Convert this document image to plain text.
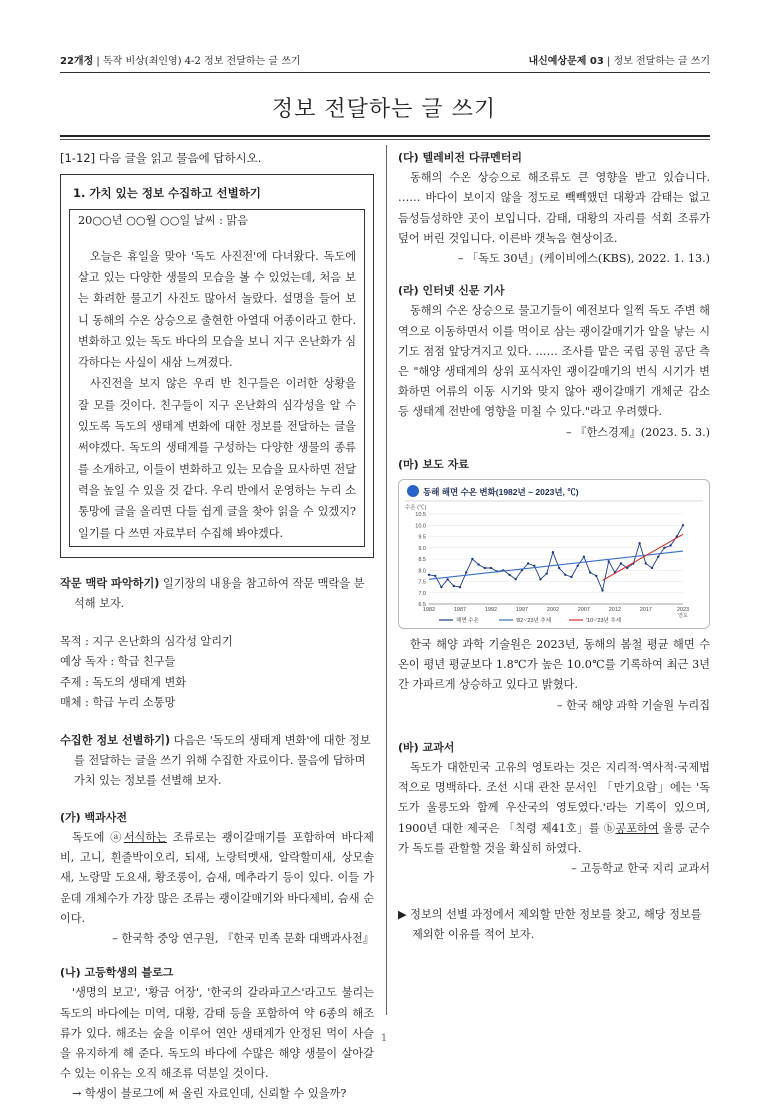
22개정 | 독작 비상(최인영) 4-2 정보 전달하는 글 쓰기	내신예상문제 03 | 정보 전달하는 글 쓰기
정보 전달하는 글 쓰기

[1-12] 다음 글을 읽고 물음에 답하시오.

1. 가치 있는 정보 수집하고 선별하기

20○○년 ○○월 ○○일 날씨 : 맑음

오늘은 휴일을 맞아 '독도 사진전'에 다녀왔다. 독도에 살고 있는 다양한 생물의 모습을 볼 수 있었는데, 처음 보는 화려한 물고기 사진도 많아서 놀랐다. 설명을 들어 보니 동해의 수온 상승으로 출현한 아열대 어종이라고 한다. 변화하고 있는 독도 바다의 모습을 보니 지구 온난화가 심각하다는 사실이 새삼 느껴졌다.

사진전을 보지 않은 우리 반 친구들은 이러한 상황을 잘 모를 것이다. 친구들이 지구 온난화의 심각성을 알 수 있도록 독도의 생태계 변화에 대한 정보를 전달하는 글을 써야겠다. 독도의 생태계를 구성하는 다양한 생물의 종류를 소개하고, 이들이 변화하고 있는 모습을 묘사하면 전달력을 높일 수 있을 것 같다. 우리 반에서 운영하는 누리 소통망에 글을 올리면 다들 쉽게 글을 찾아 읽을 수 있겠지? 일기를 다 쓰면 자료부터 수집해 봐야겠다.

작문 맥락 파악하기) 일기장의 내용을 참고하여 작문 맥락을 분석해 보자.

목적 : 지구 온난화의 심각성 알리기

예상 독자 : 학급 친구들

주제 : 독도의 생태계 변화

매체 : 학급 누리 소통망

수집한 정보 선별하기) 다음은 '독도의 생태계 변화'에 대한 정보를 전달하는 글을 쓰기 위해 수집한 자료이다. 물음에 답하며 가치 있는 정보를 선별해 보자.

(가) 백과사전

독도에 ⓐ서식하는 조류로는 괭이갈매기를 포함하여 바다제비, 고니, 흰줄박이오리, 되새, 노랑턱멧새, 알락할미새, 상모솔새, 노랑말 도요새, 황조롱이, 슴새, 메추라기 등이 있다. 이들 가운데 개체수가 가장 많은 조류는 괭이갈매기와 바다제비, 슴새 순이다.

– 한국학 중앙 연구원, 『한국 민족 문화 대백과사전』

(나) 고등학생의 블로그

'생명의 보고', '황금 어장', '한국의 갈라파고스'라고도 불리는 독도의 바다에는 미역, 대황, 감태 등을 포함하여 약 6종의 해조류가 있다. 해조는 숲을 이루어 연안 생태계가 안정된 먹이 사슬을 유지하게 해 준다. 독도의 바다에 수많은 해양 생물이 살아갈 수 있는 이유는 오직 해조류 덕분일 것이다.

→ 학생이 블로그에 써 올린 자료인데, 신뢰할 수 있을까?

(다) 텔레비전 다큐멘터리

동해의 수온 상승으로 해조류도 큰 영향을 받고 있습니다. …… 바다이 보이지 않을 정도로 빽빽했던 대황과 감태는 없고 듬성듬성하얀 곳이 보입니다. 감태, 대황의 자리를 석회 조류가 덮어 버린 것입니다. 이른바 갯녹음 현상이죠.

– 「독도 30년」(케이비에스(KBS), 2022. 1. 13.)

(라) 인터넷 신문 기사

동해의 수온 상승으로 물고기들이 예전보다 일찍 독도 주변 해역으로 이동하면서 이를 먹이로 삼는 괭이갈매기가 알을 낳는 시기도 점점 앞당겨지고 있다. …… 조사를 맡은 국립 공원 공단 측은 "해양 생태계의 상위 포식자인 괭이갈매기의 번식 시기가 변화하면 어류의 이동 시기와 맞지 않아 괭이갈매기 개체군 감소 등 생태계 전반에 영향을 미칠 수 있다."라고 우려했다.

– 『한스경제』(2023. 5. 3.)

(마) 보도 자료

동해 해면 수온 변화(1982년 ~ 2023년, ℃)
수온 (℃)
6.5
7.0
7.5
8.0
8.5
9.0
9.5
10.0
10.5
1982	1987	1992	1997	2002	2007	2012	2017	2023
연도
해면 수온	'82~'23년 추세	'10~'23년 추세

한국 해양 과학 기술원은 2023년, 동해의 봄철 평균 해면 수온이 평년 평균보다 1.8℃가 높은 10.0℃를 기록하여 최근 3년간 가파르게 상승하고 있다고 밝혔다.

– 한국 해양 과학 기술원 누리집

(바) 교과서

독도가 대한민국 고유의 영토라는 것은 지리적·역사적·국제법적으로 명백하다. 조선 시대 관찬 문서인 「만기요람」에는 '독도가 울릉도와 함께 우산국의 영토였다.'라는 기록이 있으며, 1900년 대한 제국은 「칙령 제41호」를 ⓑ공포하여 울릉 군수가 독도를 관할할 것을 확실히 하였다.

– 고등학교 한국 지리 교과서

▶ 정보의 선별 과정에서 제외할 만한 정보를 찾고, 해당 정보를 제외한 이유를 적어 보자.

1
